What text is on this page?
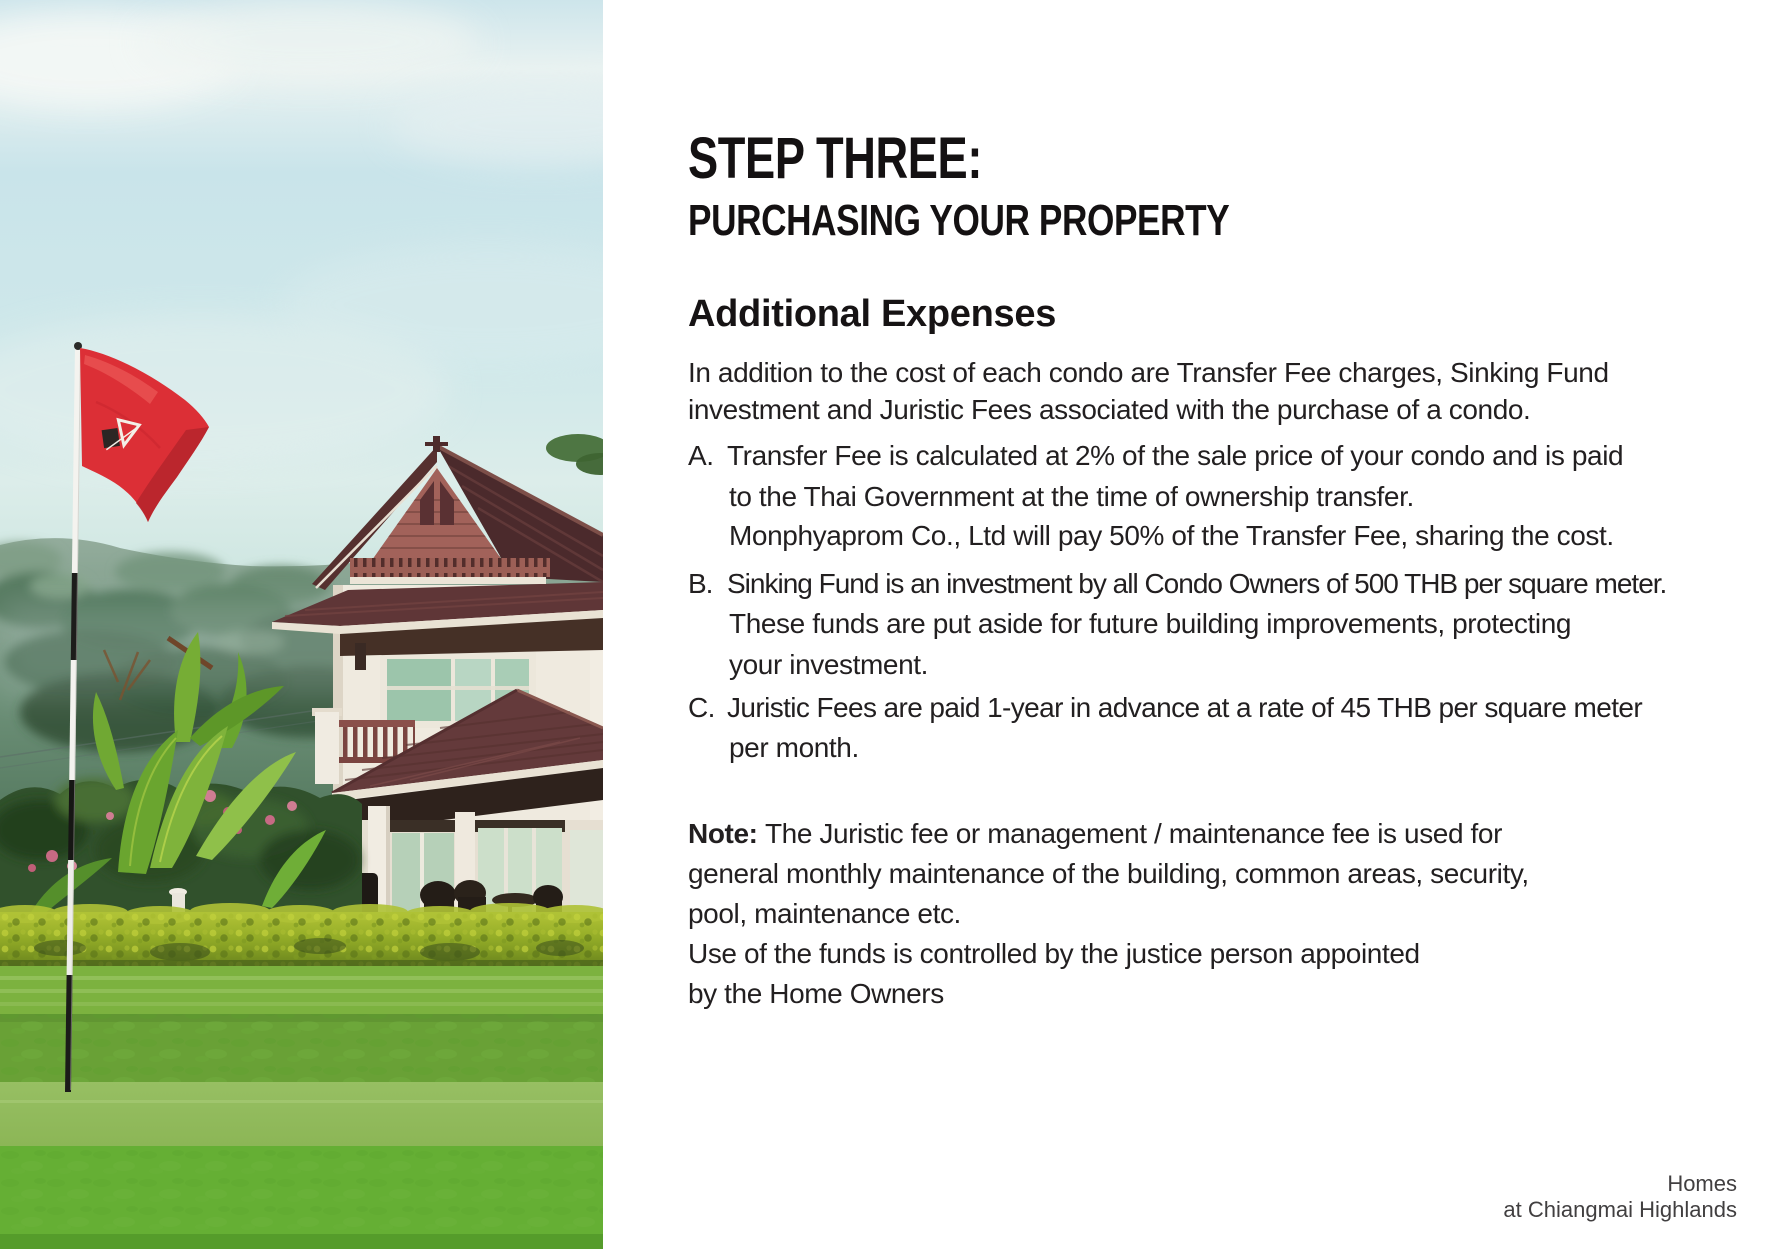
STEP THREE:
PURCHASING YOUR PROPERTY
Additional Expenses
In addition to the cost of each condo are Transfer Fee charges, Sinking Fund
investment and Juristic Fees associated with the purchase of a condo.
A. Transfer Fee is calculated at 2% of the sale price of your condo and is paid
to the Thai Government at the time of ownership transfer.
Monphyaprom Co., Ltd will pay 50% of the Transfer Fee, sharing the cost.
B. Sinking Fund is an investment by all Condo Owners of 500 THB per square meter.
These funds are put aside for future building improvements, protecting
your investment.
C. Juristic Fees are paid 1-year in advance at a rate of 45 THB per square meter
per month.
Note: The Juristic fee or management / maintenance fee is used for
general monthly maintenance of the building, common areas, security,
pool, maintenance etc.
Use of the funds is controlled by the justice person appointed
by the Home Owners
Homes
at Chiangmai Highlands
